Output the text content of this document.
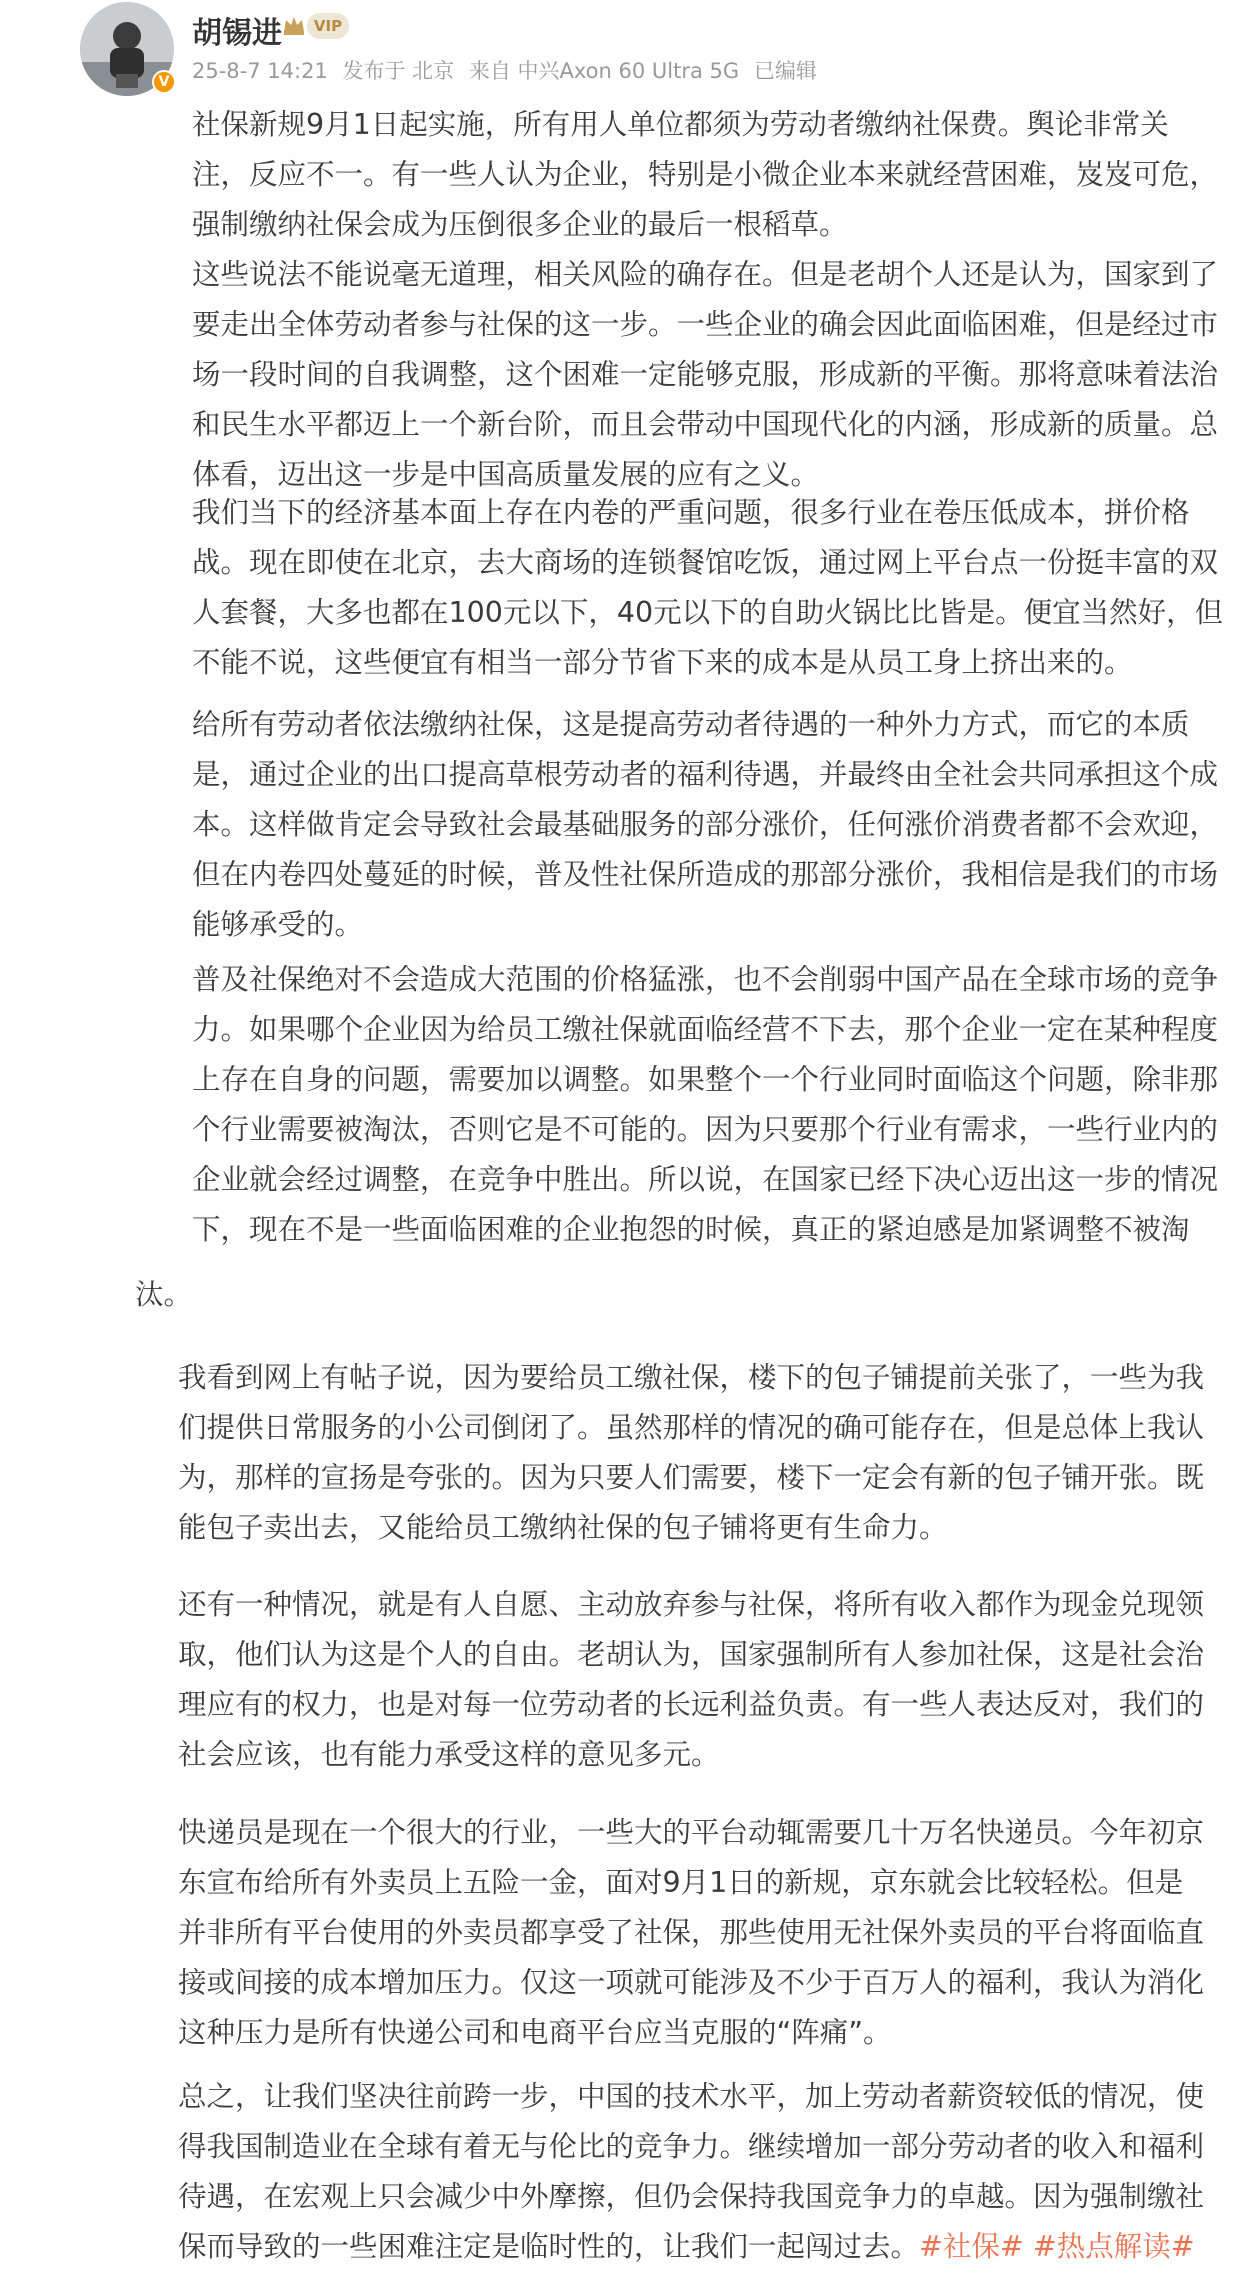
V
胡锡进	VIP
25-8-7 14:21 发布于 北京 来自 中兴Axon 60 Ultra 5G 已编辑
社保新规9月1日起实施，所有用人单位都须为劳动者缴纳社保费。舆论非常关
注，反应不一。有一些人认为企业，特别是小微企业本来就经营困难，岌岌可危，
强制缴纳社保会成为压倒很多企业的最后一根稻草。
这些说法不能说毫无道理，相关风险的确存在。但是老胡个人还是认为，国家到了
要走出全体劳动者参与社保的这一步。一些企业的确会因此面临困难，但是经过市
场一段时间的自我调整，这个困难一定能够克服，形成新的平衡。那将意味着法治
和民生水平都迈上一个新台阶，而且会带动中国现代化的内涵，形成新的质量。总
体看，迈出这一步是中国高质量发展的应有之义。
我们当下的经济基本面上存在内卷的严重问题，很多行业在卷压低成本，拼价格
战。现在即使在北京，去大商场的连锁餐馆吃饭，通过网上平台点一份挺丰富的双
人套餐，大多也都在100元以下，40元以下的自助火锅比比皆是。便宜当然好，但
不能不说，这些便宜有相当一部分节省下来的成本是从员工身上挤出来的。
给所有劳动者依法缴纳社保，这是提高劳动者待遇的一种外力方式，而它的本质
是，通过企业的出口提高草根劳动者的福利待遇，并最终由全社会共同承担这个成
本。这样做肯定会导致社会最基础服务的部分涨价，任何涨价消费者都不会欢迎，
但在内卷四处蔓延的时候，普及性社保所造成的那部分涨价，我相信是我们的市场
能够承受的。
普及社保绝对不会造成大范围的价格猛涨，也不会削弱中国产品在全球市场的竞争
力。如果哪个企业因为给员工缴社保就面临经营不下去，那个企业一定在某种程度
上存在自身的问题，需要加以调整。如果整个一个行业同时面临这个问题，除非那
个行业需要被淘汰，否则它是不可能的。因为只要那个行业有需求，一些行业内的
企业就会经过调整，在竞争中胜出。所以说，在国家已经下决心迈出这一步的情况
下，现在不是一些面临困难的企业抱怨的时候，真正的紧迫感是加紧调整不被淘
汰。
我看到网上有帖子说，因为要给员工缴社保，楼下的包子铺提前关张了，一些为我
们提供日常服务的小公司倒闭了。虽然那样的情况的确可能存在，但是总体上我认
为，那样的宣扬是夸张的。因为只要人们需要，楼下一定会有新的包子铺开张。既
能包子卖出去，又能给员工缴纳社保的包子铺将更有生命力。
还有一种情况，就是有人自愿、主动放弃参与社保，将所有收入都作为现金兑现领
取，他们认为这是个人的自由。老胡认为，国家强制所有人参加社保，这是社会治
理应有的权力，也是对每一位劳动者的长远利益负责。有一些人表达反对，我们的
社会应该，也有能力承受这样的意见多元。
快递员是现在一个很大的行业，一些大的平台动辄需要几十万名快递员。今年初京
东宣布给所有外卖员上五险一金，面对9月1日的新规，京东就会比较轻松。但是
并非所有平台使用的外卖员都享受了社保，那些使用无社保外卖员的平台将面临直
接或间接的成本增加压力。仅这一项就可能涉及不少于百万人的福利，我认为消化
这种压力是所有快递公司和电商平台应当克服的“阵痛”。
总之，让我们坚决往前跨一步，中国的技术水平，加上劳动者薪资较低的情况，使
得我国制造业在全球有着无与伦比的竞争力。继续增加一部分劳动者的收入和福利
待遇，在宏观上只会减少中外摩擦，但仍会保持我国竞争力的卓越。因为强制缴社
保而导致的一些困难注定是临时性的，让我们一起闯过去。#社保# #热点解读#
